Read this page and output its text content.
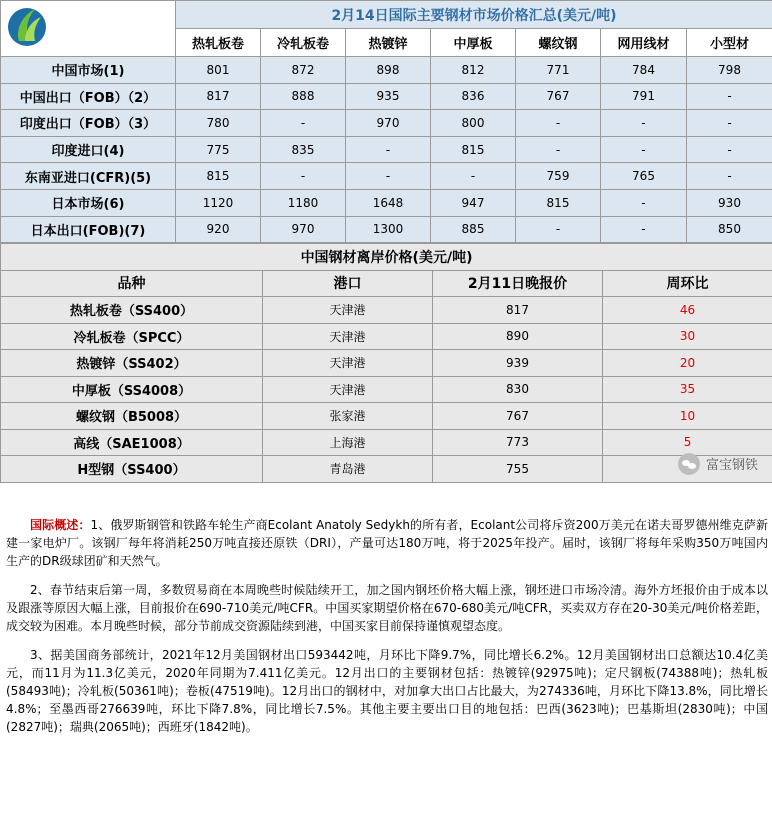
	2月14日国际主要钢材市场价格汇总(美元/吨)						
	热轧板卷	冷轧板卷	热镀锌	中厚板	螺纹钢	网用线材	小型材
中国市场(1)	801	872	898	812	771	784	798
中国出口（FOB）（2）	817	888	935	836	767	791	-
印度出口（FOB）（3）	780	-	970	800	-	-	-
印度进口(4)	775	835	-	815	-	-	-
东南亚进口(CFR)(5)	815	-	-	-	759	765	-
日本市场(6)	1120	1180	1648	947	815	-	930
日本出口(FOB)(7)	920	970	1300	885	-	-	850
中国钢材离岸价格(美元/吨)			
品种	港口	2月11日晚报价	周环比
热轧板卷（SS400）	天津港	817	46
冷轧板卷（SPCC）	天津港	890	30
热镀锌（SS402）	天津港	939	20
中厚板（SS4008）	天津港	830	35
螺纹钢（B5008）	张家港	767	10
高线（SAE1008）	上海港	773	5
H型钢（SS400）	青岛港	755	

国际概述：1、俄罗斯钢管和铁路车轮生产商Ecolant Anatoly Sedykh的所有者，Ecolant公司将斥资200万美元在诺夫哥罗德州维克萨新建一家电炉厂。该钢厂每年将消耗250万吨直接还原铁（DRI），产量可达180万吨，将于2025年投产。届时，该钢厂将每年采购350万吨国内生产的DR级球团矿和天然气。

2、春节结束后第一周，多数贸易商在本周晚些时候陆续开工，加之国内钢坯价格大幅上涨，钢坯进口市场冷清。海外方坯报价由于成本以及跟涨等原因大幅上涨，目前报价在690-710美元/吨CFR。中国买家期望价格在670-680美元/吨CFR，买卖双方存在20-30美元/吨价格差距，成交较为困难。本月晚些时候，部分节前成交资源陆续到港，中国买家目前保持谨慎观望态度。

3、据美国商务部统计，2021年12月美国钢材出口593442吨，月环比下降9.7%，同比增长6.2%。12月美国钢材出口总额达10.4亿美元，而11月为11.3亿美元，2020年同期为7.411亿美元。12月出口的主要钢材包括：热镀锌(92975吨)；定尺钢板(74388吨)；热轧板(58493吨)；冷轧板(50361吨)；卷板(47519吨)。12月出口的钢材中，对加拿大出口占比最大，为274336吨，月环比下降13.8%，同比增长4.8%；至墨西哥276639吨，环比下降7.8%，同比增长7.5%。其他主要主要出口目的地包括：巴西(3623吨)；巴基斯坦(2830吨)；中国(2827吨)；瑞典(2065吨)；西班牙(1842吨)。

富宝钢铁
